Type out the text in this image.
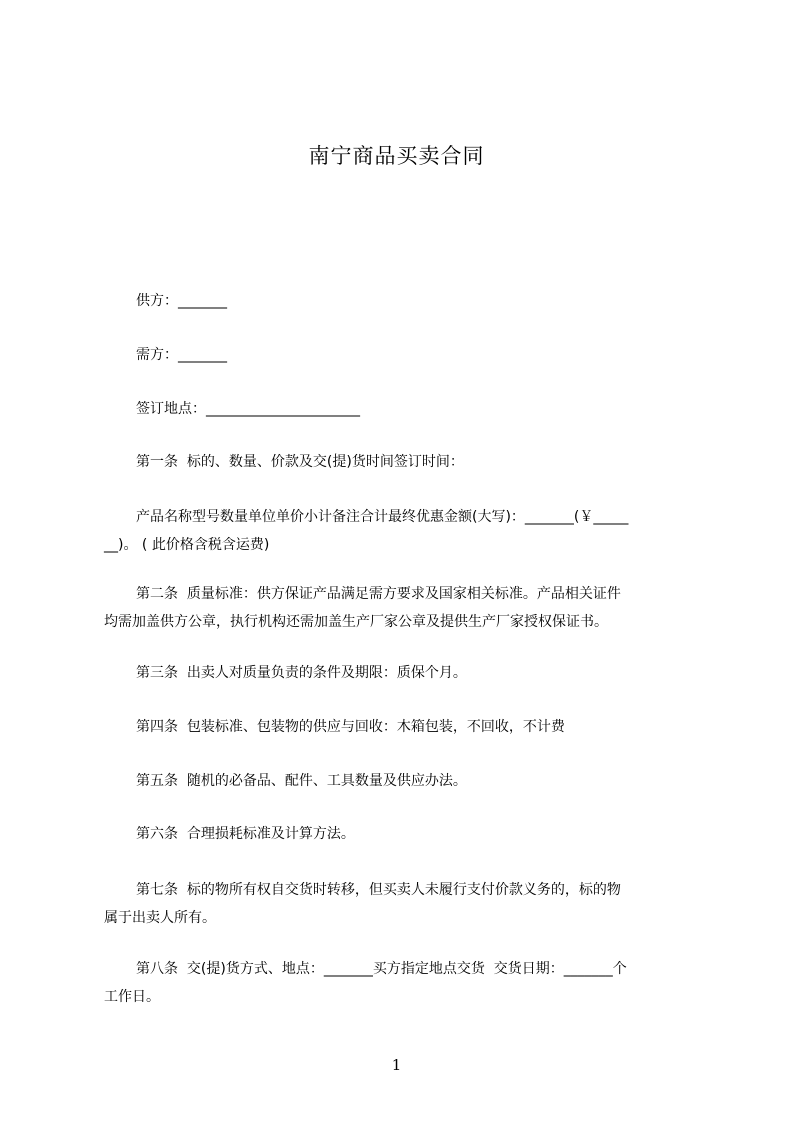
南宁商品买卖合同
供方：_______
需方：_______
签订地点：______________________
第一条  标的、数量、价款及交(提)货时间签订时间：
产品名称型号数量单位单价小计备注合计最终优惠金额(大写)：_______(￥_____
__)。 ( 此价格含税含运费)
第二条  质量标准：供方保证产品满足需方要求及国家相关标准。产品相关证件
均需加盖供方公章，执行机构还需加盖生产厂家公章及提供生产厂家授权保证书。
第三条  出卖人对质量负责的条件及期限：质保个月。
第四条  包装标准、包装物的供应与回收：木箱包装，不回收，不计费
第五条  随机的必备品、配件、工具数量及供应办法。
第六条  合理损耗标准及计算方法。
第七条  标的物所有权自交货时转移，但买卖人未履行支付价款义务的，标的物
属于出卖人所有。
第八条  交(提)货方式、地点：_______买方指定地点交货  交货日期：_______个
工作日。
1
